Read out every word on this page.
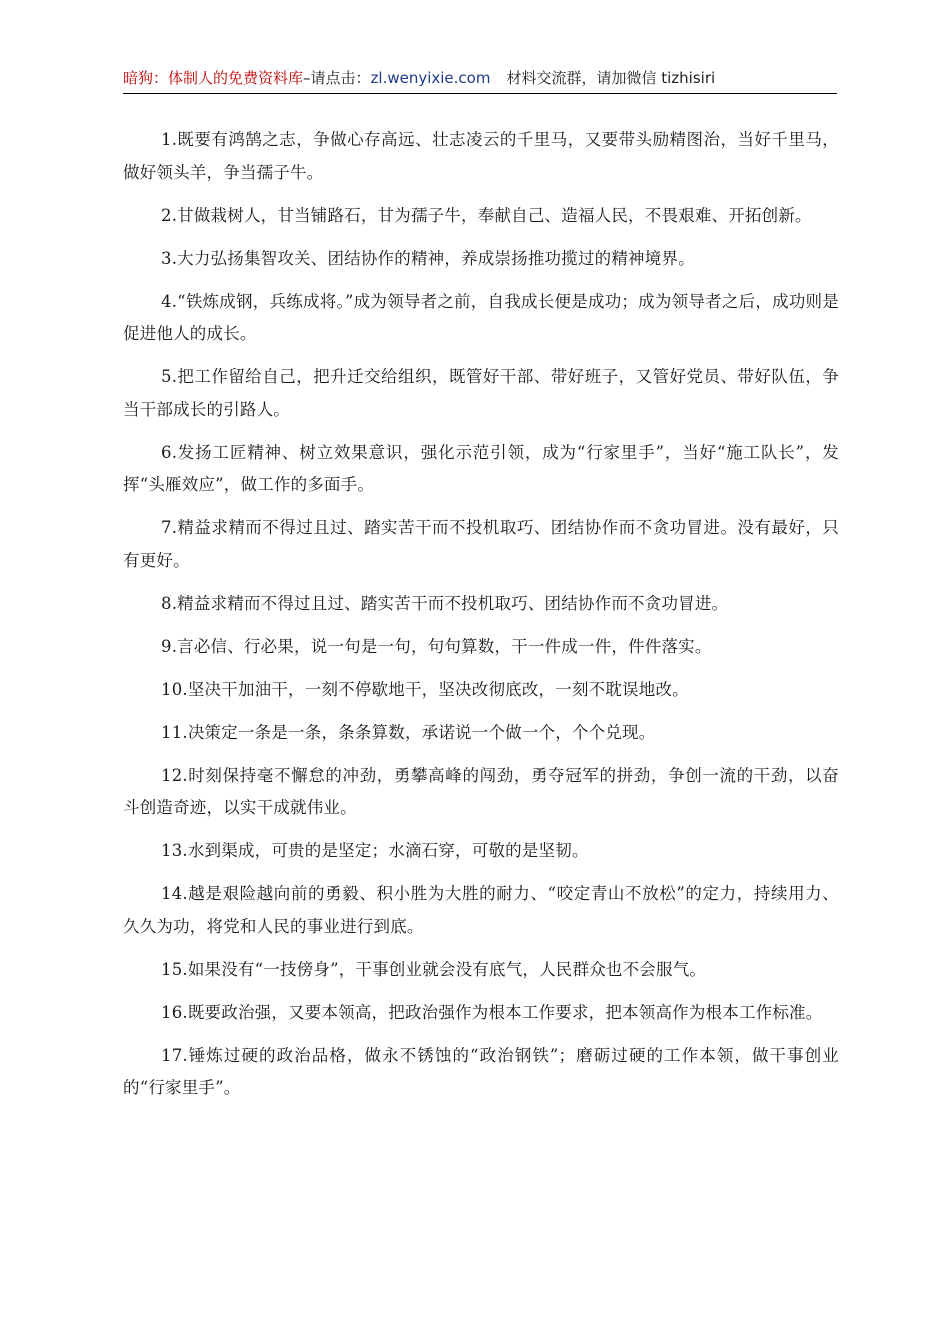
暗狗：体制人的免费资料库–请点击：zl.wenyixie.com 材料交流群，请加微信 tizhisiri

1.既要有鸿鹄之志，争做心存高远、壮志凌云的千里马，又要带头励精图治，当好千里马，做好领头羊，争当孺子牛。

2.甘做栽树人，甘当铺路石，甘为孺子牛，奉献自己、造福人民，不畏艰难、开拓创新。

3.大力弘扬集智攻关、团结协作的精神，养成崇扬推功揽过的精神境界。

4.“铁炼成钢，兵练成将。”成为领导者之前，自我成长便是成功；成为领导者之后，成功则是促进他人的成长。

5.把工作留给自己，把升迁交给组织，既管好干部、带好班子，又管好党员、带好队伍，争当干部成长的引路人。

6.发扬工匠精神、树立效果意识，强化示范引领，成为“行家里手”，当好“施工队长”，发挥“头雁效应”，做工作的多面手。

7.精益求精而不得过且过、踏实苦干而不投机取巧、团结协作而不贪功冒进。没有最好，只有更好。

8.精益求精而不得过且过、踏实苦干而不投机取巧、团结协作而不贪功冒进。

9.言必信、行必果，说一句是一句，句句算数，干一件成一件，件件落实。

10.坚决干加油干，一刻不停歇地干，坚决改彻底改，一刻不耽误地改。

11.决策定一条是一条，条条算数，承诺说一个做一个，个个兑现。

12.时刻保持毫不懈怠的冲劲，勇攀高峰的闯劲，勇夺冠军的拼劲，争创一流的干劲，以奋斗创造奇迹，以实干成就伟业。

13.水到渠成，可贵的是坚定；水滴石穿，可敬的是坚韧。

14.越是艰险越向前的勇毅、积小胜为大胜的耐力、“咬定青山不放松”的定力，持续用力、久久为功，将党和人民的事业进行到底。

15.如果没有“一技傍身”，干事创业就会没有底气，人民群众也不会服气。

16.既要政治强，又要本领高，把政治强作为根本工作要求，把本领高作为根本工作标准。

17.锤炼过硬的政治品格，做永不锈蚀的“政治钢铁”；磨砺过硬的工作本领，做干事创业的“行家里手”。
